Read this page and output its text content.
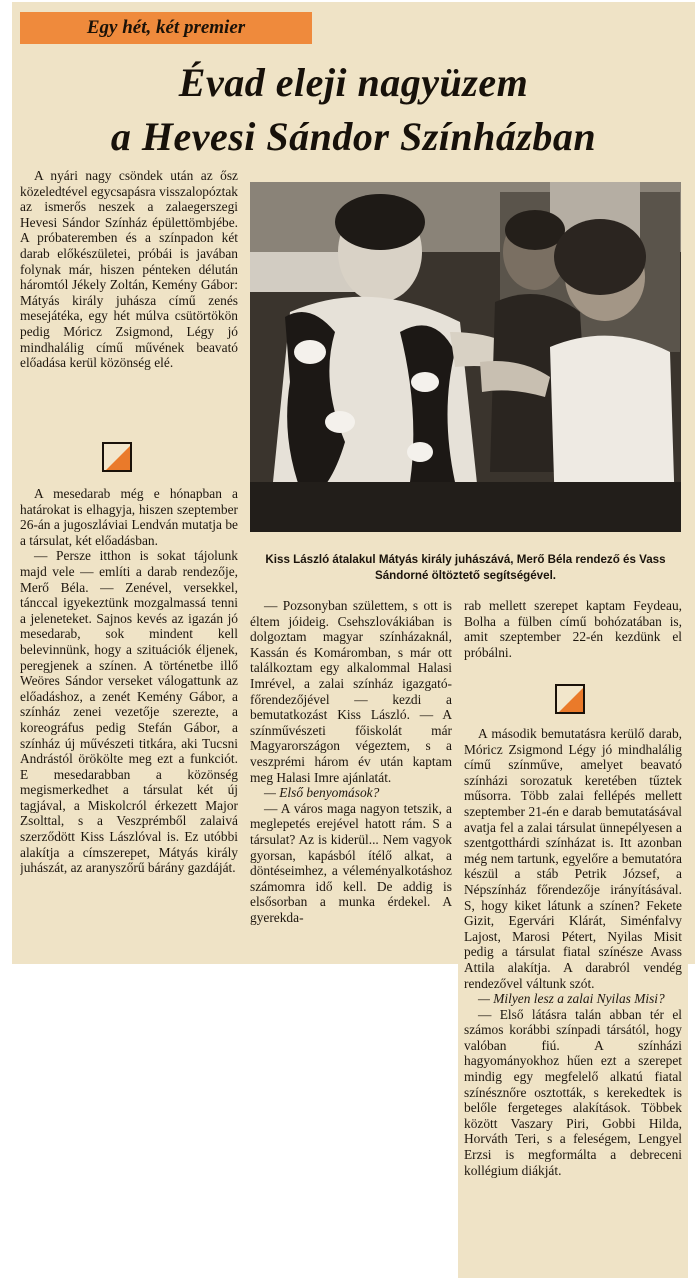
Egy hét, két premier
Évad eleji nagyüzem
a Hevesi Sándor Színházban

A nyári nagy csöndek után az ősz közeledtével egycsapásra visszalopóztak az ismerős neszek a zalaegerszegi Hevesi Sándor Színház épülettömbjébe. A próbateremben és a színpadon két darab előkészületei, próbái is javában folynak már, hiszen pénteken délután háromtól Jékely Zoltán, Kemény Gábor: Mátyás király juhásza című zenés mesejátéka, egy hét múlva csütörtökön pedig Móricz Zsigmond, Légy jó mindhalálig című művének beavató előadása kerül közönség elé.

A mesedarab még e hónapban a határokat is elhagyja, hiszen szeptember 26-án a jugoszláviai Lendván mutatja be a társulat, két előadásban.

— Persze itthon is sokat tájolunk majd vele — említi a darab rendezője, Merő Béla. — Zenével, versekkel, tánccal igyekeztünk mozgalmassá tenni a jeleneteket. Sajnos kevés az igazán jó mesedarab, sok mindent kell belevinnünk, hogy a szituációk éljenek, peregjenek a színen. A történetbe illő Weöres Sándor verseket válogattunk az előadáshoz, a zenét Kemény Gábor, a színház zenei vezetője szerezte, a koreográfus pedig Stefán Gábor, a színház új művészeti titkára, aki Tucsni Andrástól örökölte meg ezt a funkciót. E mesedarabban a közönség megismerkedhet a társulat két új tagjával, a Miskolcról érkezett Major Zsolttal, s a Veszprémből zalaivá szerződött Kiss Lászlóval is. Ez utóbbi alakítja a címszerepet, Mátyás király juhászát, az aranyszőrű bárány gazdáját.

Kiss László átalakul Mátyás király juhászává, Merő Béla rendező és Vass Sándorné öltöztető segítségével.

— Pozsonyban születtem, s ott is éltem jóideig. Csehszlovákiában is dolgoztam magyar színházaknál, Kassán és Komáromban, s már ott találkoztam egy alkalommal Halasi Imrével, a zalai színház igazgató-főrendezőjével — kezdi a bemutatkozást Kiss László. — A színművészeti főiskolát már Magyarországon végeztem, s a veszprémi három év után kaptam meg Halasi Imre ajánlatát.

— Első benyomások?

— A város maga nagyon tetszik, a meglepetés erejével hatott rám. S a társulat? Az is kiderül... Nem vagyok gyorsan, kapásból ítélő alkat, a döntéseimhez, a véleményalkotáshoz számomra idő kell. De addig is elsősorban a munka érdekel. A gyerekda-

rab mellett szerepet kaptam Feydeau, Bolha a fülben című bohózatában is, amit szeptember 22-én kezdünk el próbálni.

A második bemutatásra kerülő darab, Móricz Zsigmond Légy jó mindhalálig című színműve, amelyet beavató színházi sorozatuk keretében tűztek műsorra. Több zalai fellépés mellett szeptember 21-én e darab bemutatásával avatja fel a zalai társulat ünnepélyesen a szentgotthárdi színházat is. Itt azonban még nem tartunk, egyelőre a bemutatóra készül a stáb Petrik József, a Népszínház főrendezője irányításával. S, hogy kiket látunk a színen? Fekete Gizit, Egervári Klárát, Siménfalvy Lajost, Marosi Pétert, Nyilas Misit pedig a társulat fiatal színésze Avass Attila alakítja. A darabról vendég rendezővel váltunk szót.

— Milyen lesz a zalai Nyilas Misi?

— Első látásra talán abban tér el számos korábbi színpadi társától, hogy valóban fiú. A színházi hagyományokhoz hűen ezt a szerepet mindig egy megfelelő alkatú fiatal színésznőre osztották, s kerekedtek is belőle fergeteges alakítások. Többek között Vaszary Piri, Gobbi Hilda, Horváth Teri, s a feleségem, Lengyel Erzsi is megformálta a debreceni kollégium diákját.
